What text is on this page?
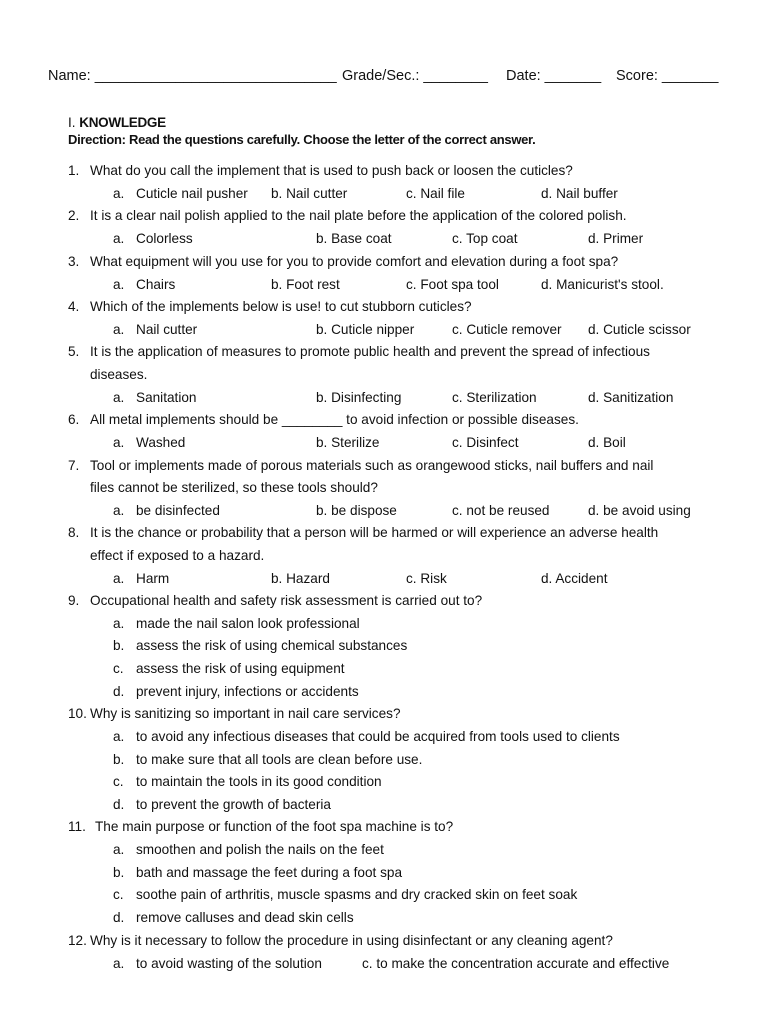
Name: ______________________________ Grade/Sec.: ________ Date: _______ Score: _______
I. KNOWLEDGE
Direction: Read the questions carefully. Choose the letter of the correct answer.
1. What do you call the implement that is used to push back or loosen the cuticles?
a. Cuticle nail pusher b. Nail cutter	c. Nail file	d. Nail buffer
2. It is a clear nail polish applied to the nail plate before the application of the colored polish.
a. Colorless	b. Base coat	c. Top coat	d. Primer
3. What equipment will you use for you to provide comfort and elevation during a foot spa?
a. Chairs	b. Foot rest	c. Foot spa tool	d. Manicurist's stool.
4. Which of the implements below is use! to cut stubborn cuticles?
a. Nail cutter	b. Cuticle nipper	c. Cuticle remover d. Cuticle scissor
5. It is the application of measures to promote public health and prevent the spread of infectious
diseases.
a. Sanitation	b. Disinfecting	c. Sterilization	d. Sanitization
6. All metal implements should be ________ to avoid infection or possible diseases.
a. Washed	b. Sterilize	c. Disinfect	d. Boil
7. Tool or implements made of porous materials such as orangewood sticks, nail buffers and nail
files cannot be sterilized, so these tools should?
a. be disinfected	b. be dispose	c. not be reused	d. be avoid using
8. It is the chance or probability that a person will be harmed or will experience an adverse health
effect if exposed to a hazard.
a. Harm	b. Hazard	c. Risk	d. Accident
9. Occupational health and safety risk assessment is carried out to?
a. made the nail salon look professional
b. assess the risk of using chemical substances
c. assess the risk of using equipment
d. prevent injury, infections or accidents
10. Why is sanitizing so important in nail care services?
a. to avoid any infectious diseases that could be acquired from tools used to clients
b. to make sure that all tools are clean before use.
c. to maintain the tools in its good condition
d. to prevent the growth of bacteria
11. The main purpose or function of the foot spa machine is to?
a. smoothen and polish the nails on the feet
b. bath and massage the feet during a foot spa
c. soothe pain of arthritis, muscle spasms and dry cracked skin on feet soak
d. remove calluses and dead skin cells
12. Why is it necessary to follow the procedure in using disinfectant or any cleaning agent?
a. to avoid wasting of the solution	c. to make the concentration accurate and effective
